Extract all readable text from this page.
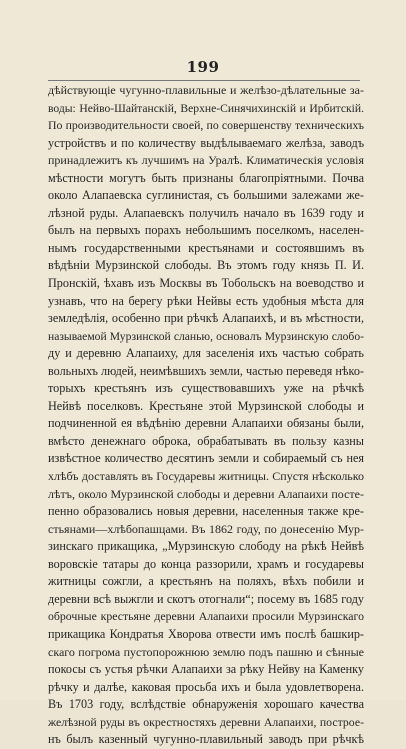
199
дѣйствующіе чугунно-плавильные и желѣзо-дѣлательные за-
воды: Нейво-Шайтанскій, Верхне-Синячихинскій и Ирбитскій.
По производительности своей, по совершенству техническихъ
устройствъ и по количеству выдѣлываемаго желѣза, заводъ
принадлежитъ къ лучшимъ на Уралѣ. Климатическія условія
мѣстности могутъ быть признаны благопріятными. Почва
около Алапаевска суглинистая, съ большими залежами же-
лѣзной руды. Алапаевскъ получилъ начало въ 1639 году и
былъ на первыхъ порахъ небольшимъ поселкомъ, населен-
нымъ государственными крестьянами и состоявшимъ въ
вѣдѣніи Мурзинской слободы. Въ этомъ году князь П. И.
Пронскій, ѣхавъ изъ Москвы въ Тобольскъ на воеводство и
узнавъ, что на берегу рѣки Нейвы есть удобныя мѣста для
земледѣлія, особенно при рѣчкѣ Алапаихѣ, и въ мѣстности,
называемой Мурзинской сланью, основалъ Мурзинскую слобо-
ду и деревню Алапаиху, для заселенія ихъ частью собрать
вольныхъ людей, неимѣвшихъ земли, частью переведя нѣко-
торыхъ крестьянъ изъ существовавшихъ уже на рѣчкѣ
Нейвѣ поселковъ. Крестьяне этой Мурзинской слободы и
подчиненной ея вѣдѣнію деревни Алапаихи обязаны были,
вмѣсто денежнаго оброка, обрабатывать въ пользу казны
извѣстное количество десятинъ земли и собираемый съ нея
хлѣбъ доставлять въ Государевы житницы. Спустя нѣсколько
лѣтъ, около Мурзинской слободы и деревни Алапаихи посте-
пенно образовались новыя деревни, населенныя также кре-
стьянами—хлѣбопашцами. Въ 1862 году, по донесенію Мур-
зинскаго прикащика, „Мурзинскую слободу на рѣкѣ Нейвѣ
воровскіе татары до конца раззорили, храмъ и государевы
житницы сожгли, а крестьянъ на поляхъ, вѣхъ побили и
деревни всѣ выжгли и скотъ отогнали“; посему въ 1685 году
оброчные крестьяне деревни Алапаихи просили Мурзинскаго
прикащика Кондратья Хворова отвести имъ послѣ башкир-
скаго погрома пустопорожнюю землю подъ пашню и сѣнные
покосы съ устья рѣчки Алапаихи за рѣку Нейву на Каменку
рѣчку и далѣе, каковая просьба ихъ и была удовлетворена.
Въ 1703 году, вслѣдствіе обнаруженія хорошаго качества
желѣзной руды въ окрестностяхъ деревни Алапаихи, построе-
нъ былъ казенный чугунно-плавильный заводъ при рѣчкѣ
